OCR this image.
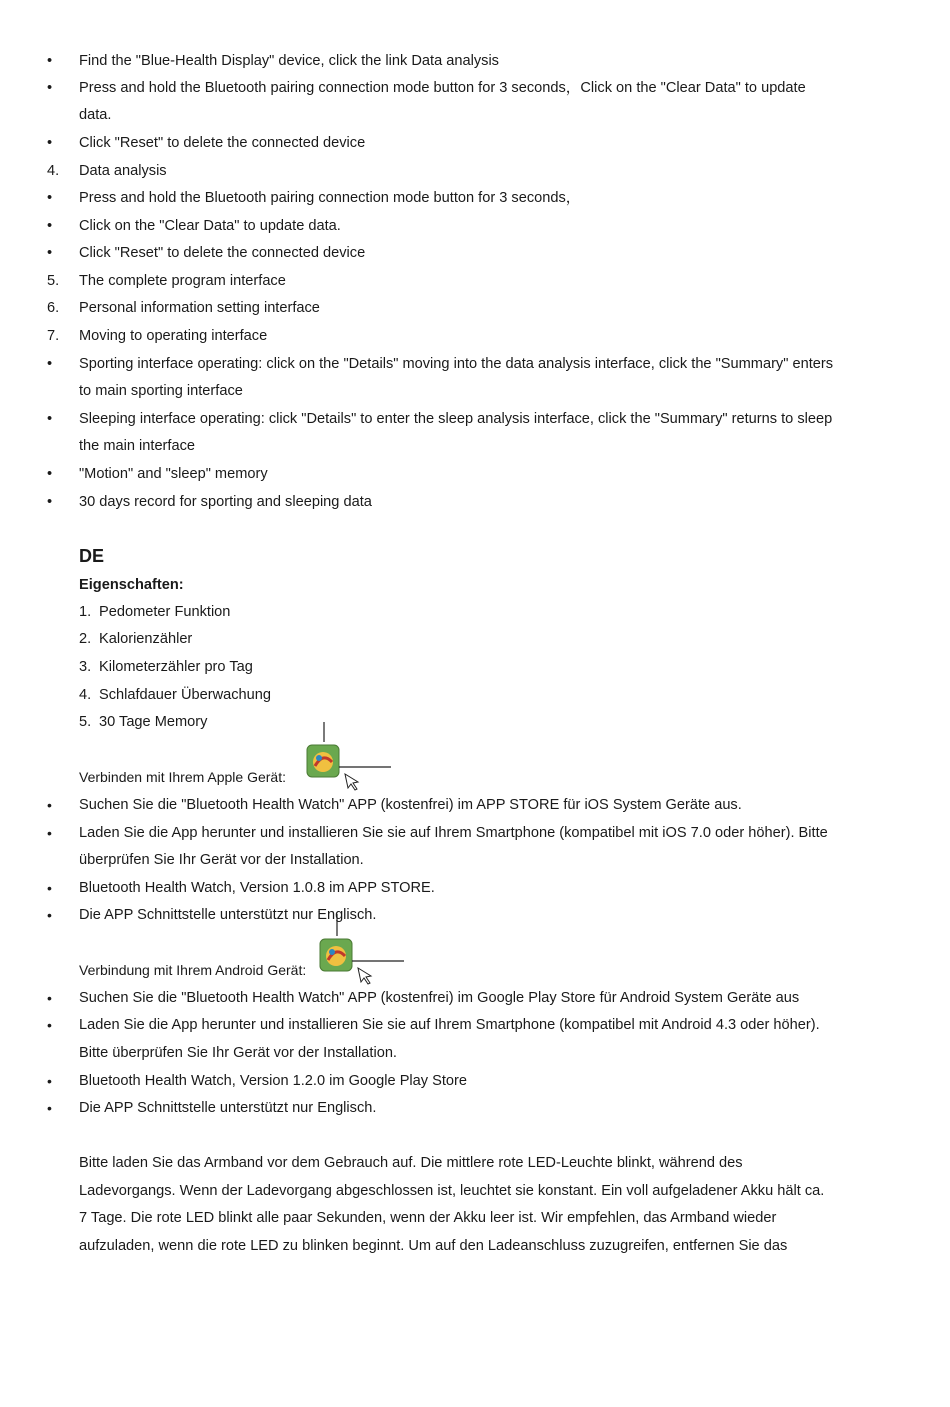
•	Find the "Blue-Health Display" device, click the link Data analysis
•	Press and hold the Bluetooth pairing connection mode button for 3 seconds，Click on the "Clear Data" to update
data.
•	Click "Reset" to delete the connected device
4.	Data analysis
•	Press and hold the Bluetooth pairing connection mode button for 3 seconds，
•	Click on the "Clear Data" to update data.
•	Click "Reset" to delete the connected device
5.	The complete program interface
6.	Personal information setting interface
7.	Moving to operating interface
•	Sporting interface operating: click on the "Details" moving into the data analysis interface, click the "Summary" enters
to main sporting interface
•	Sleeping interface operating: click "Details" to enter the sleep analysis interface, click the "Summary" returns to sleep
the main interface
•	"Motion" and "sleep" memory
•	30 days record for sporting and sleeping data
DE
Eigenschaften:
1. Pedometer Funktion
2. Kalorienzähler
3. Kilometerzähler pro Tag
4. Schlafdauer Überwachung
5. 30 Tage Memory
Verbinden mit Ihrem Apple Gerät:
• Suchen Sie die "Bluetooth Health Watch" APP (kostenfrei) im APP STORE für iOS System Geräte aus.
• Laden Sie die App herunter und installieren Sie sie auf Ihrem Smartphone (kompatibel mit iOS 7.0 oder höher). Bitte
überprüfen Sie Ihr Gerät vor der Installation.
• Bluetooth Health Watch, Version 1.0.8 im APP STORE.
• Die APP Schnittstelle unterstützt nur Englisch.
Verbindung mit Ihrem Android Gerät:
• Suchen Sie die "Bluetooth Health Watch" APP (kostenfrei) im Google Play Store für Android System Geräte aus
• Laden Sie die App herunter und installieren Sie sie auf Ihrem Smartphone (kompatibel mit Android 4.3 oder höher).
Bitte überprüfen Sie Ihr Gerät vor der Installation.
• Bluetooth Health Watch, Version 1.2.0 im Google Play Store
• Die APP Schnittstelle unterstützt nur Englisch.
Bitte laden Sie das Armband vor dem Gebrauch auf. Die mittlere rote LED-Leuchte blinkt, während des
Ladevorgangs. Wenn der Ladevorgang abgeschlossen ist, leuchtet sie konstant. Ein voll aufgeladener Akku hält ca.
7 Tage. Die rote LED blinkt alle paar Sekunden, wenn der Akku leer ist. Wir empfehlen, das Armband wieder
aufzuladen, wenn die rote LED zu blinken beginnt. Um auf den Ladeanschluss zuzugreifen, entfernen Sie das
